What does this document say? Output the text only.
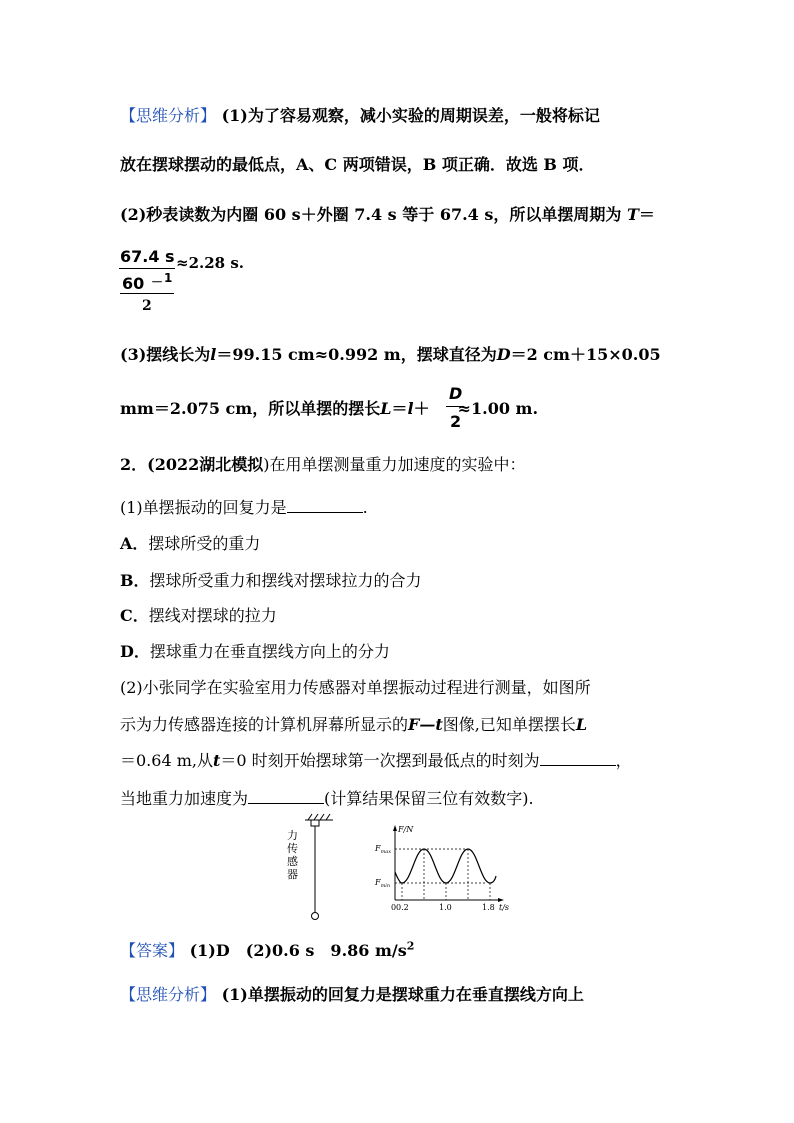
【思维分析】 (1)为了容易观察，减小实验的周期误差，一般将标记
放在摆球摆动的最低点，A、C 两项错误，B 项正确．故选 B 项．
(2)秒表读数为内圈 60 s＋外圈 7.4 s 等于 67.4 s，所以单摆周期为 T＝
67.4 s
60 － 1
2
≈2.28 s.
(3)摆线长为l＝99.15 cm≈0.992 m，摆球直径为D＝2 cm＋15×0.05
mm＝2.075 cm，所以单摆的摆长L＝l＋ ≈1.00 m.
D
2
2．(2022湖北模拟)在用单摆测量重力加速度的实验中：
(1)单摆振动的回复力是	.
A．摆球所受的重力
B．摆球所受重力和摆线对摆球拉力的合力
C．摆线对摆球的拉力
D．摆球重力在垂直摆线方向上的分力
(2)小张同学在实验室用力传感器对单摆振动过程进行测量，如图所
示为力传感器连接的计算机屏幕所显示的F—t图像,已知单摆摆长L
＝0.64 m,从t＝0 时刻开始摆球第一次摆到最低点的时刻为	，
当地重力加速度为	(计算结果保留三位有效数字).
力
传
感
器
F/N
$F_{max}$
$F_{min}$
0 0.2	1.0	1.8 t/s
【答案】 (1)D　(2)0.6 s　9.86 $m/s^2$
【思维分析】 (1)单摆振动的回复力是摆球重力在垂直摆线方向上
